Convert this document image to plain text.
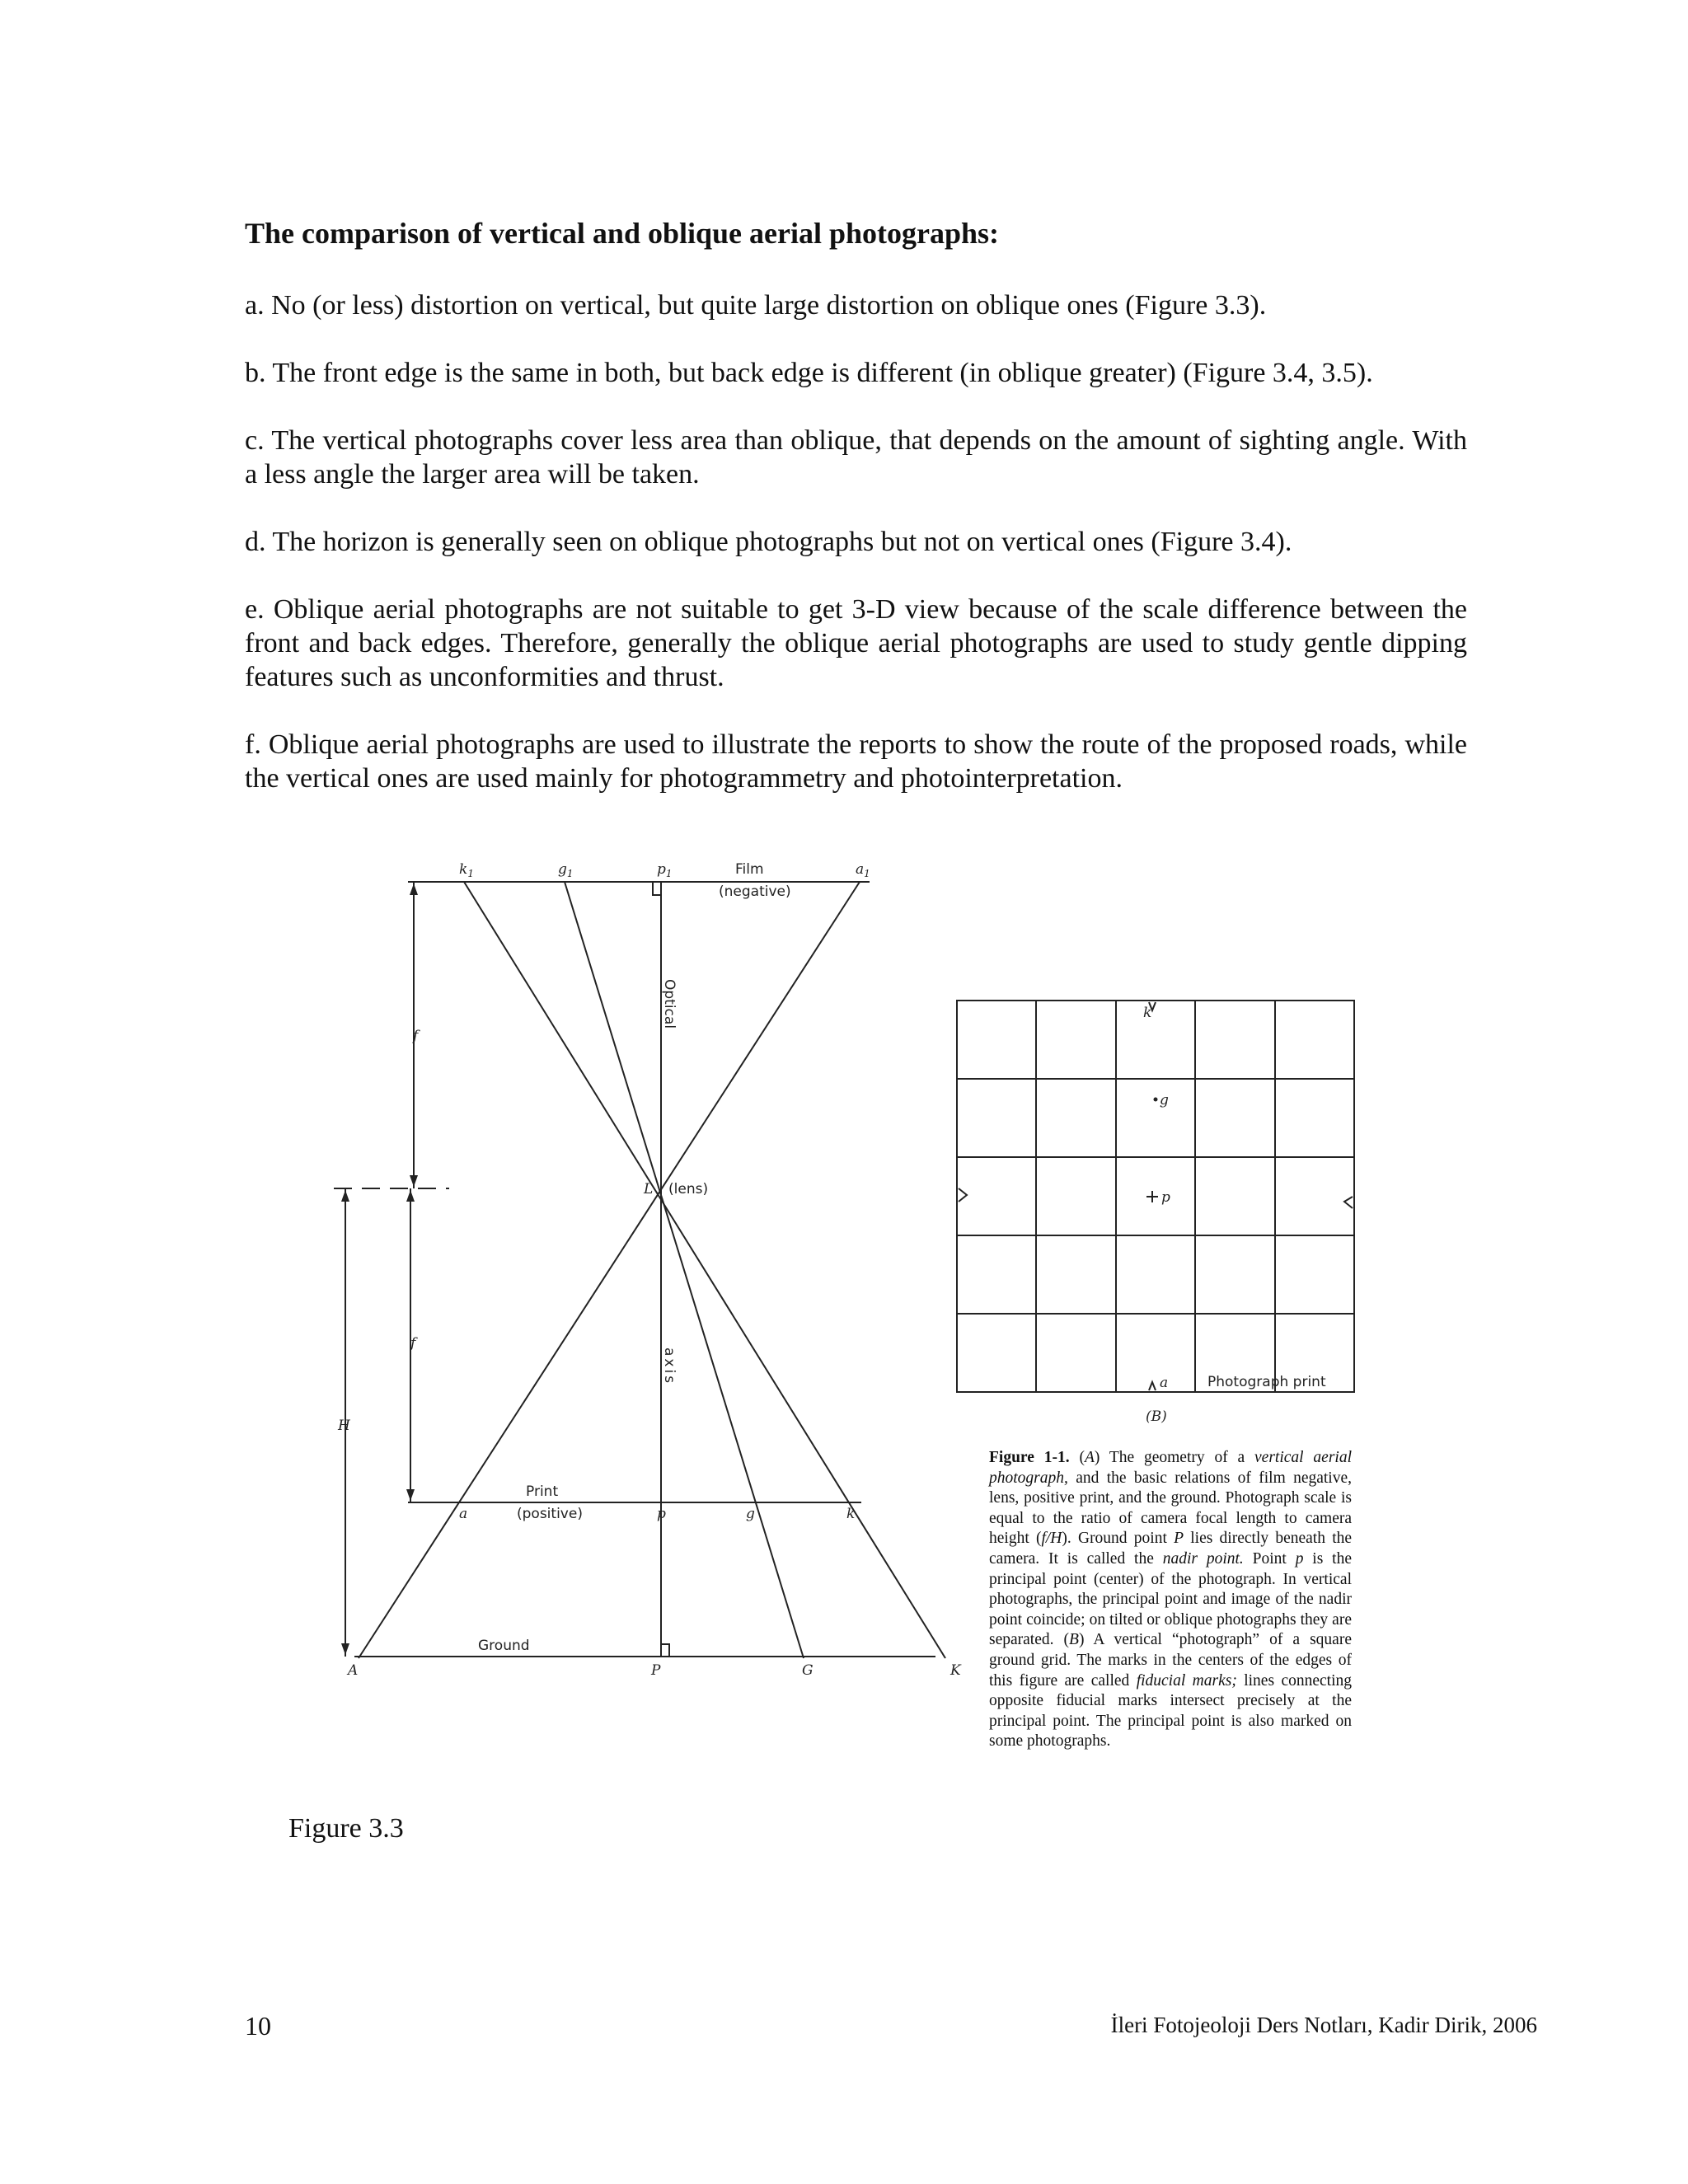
The comparison of vertical and oblique aerial photographs:

a. No (or less) distortion on vertical, but quite large distortion on oblique ones (Figure 3.3).

b. The front edge is the same in both, but back edge is different (in oblique greater) (Figure 3.4, 3.5).

c. The vertical photographs cover less area than oblique, that depends on the amount of sighting angle. With a less angle the larger area will be taken.

d. The horizon is generally seen on oblique photographs but not on vertical ones (Figure 3.4).

e. Oblique aerial photographs are not suitable to get 3-D view because of the scale difference between the front and back edges. Therefore, generally the oblique aerial photographs are used to study gentle dipping features such as unconformities and thrust.

f. Oblique aerial photographs are used to illustrate the reports to show the route of the proposed roads, while the vertical ones are used mainly for photogrammetry and photointerpretation.

$k_1$	$g_1$	$p_1$	$a_1$
Film
(negative)
Optical
axis
L (lens)
f
f
H
Print
(positive)
a	p	g	k
Ground
A	P	G	K
k
g
p
a	Photograph print
(B)

Figure 1-1. (A) The geometry of a vertical aerial photograph, and the basic relations of film negative, lens, positive print, and the ground. Photograph scale is equal to the ratio of camera focal length to camera height (f/H). Ground point P lies directly beneath the camera. It is called the nadir point. Point p is the principal point (center) of the photograph. In vertical photographs, the principal point and image of the nadir point coincide; on tilted or oblique photographs they are separated. (B) A vertical “photograph” of a square ground grid. The marks in the centers of the edges of this figure are called fiducial marks; lines connecting opposite fiducial marks intersect precisely at the principal point. The principal point is also marked on some photographs.

Figure 3.3

10	İleri Fotojeoloji Ders Notları, Kadir Dirik, 2006
